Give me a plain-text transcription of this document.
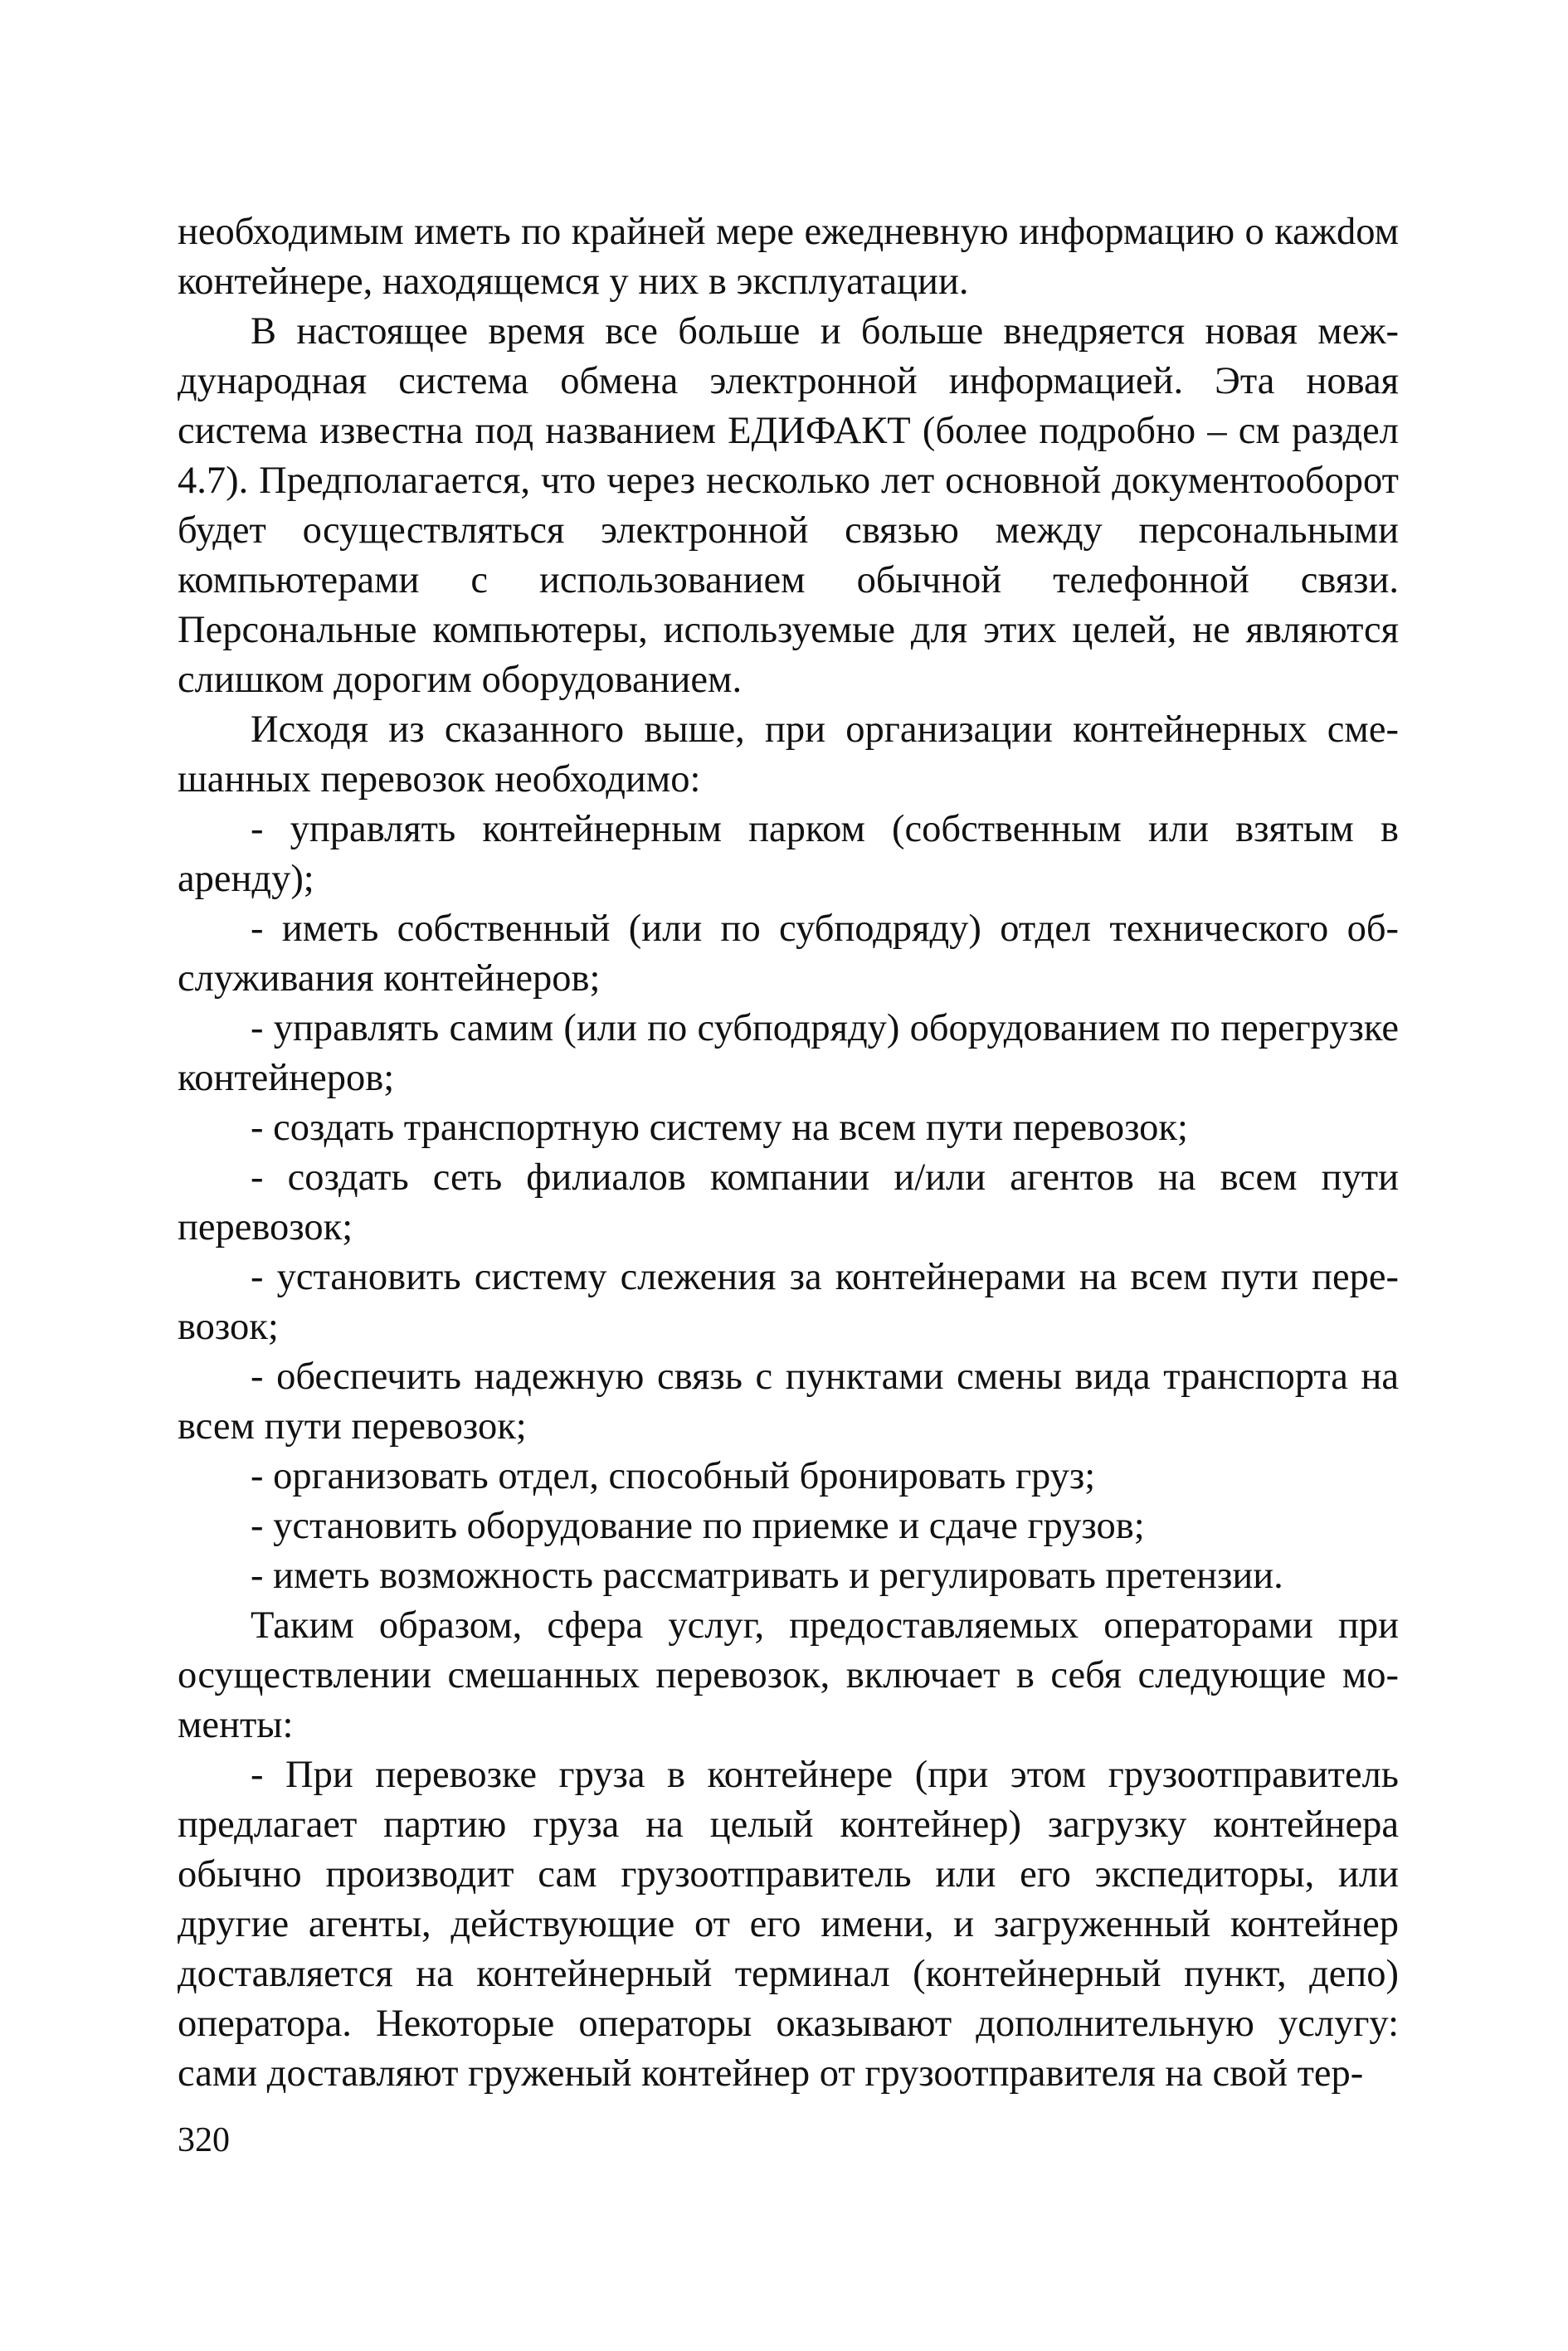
необходимым иметь по крайней мере ежедневную информацию о кажdом контейнере, находящемся у них в эксплуатации.

В настоящее время все больше и больше внедряется новая международная система обмена электронной информацией. Эта новая система известна под названием ЕДИФАКТ (более подробно – см раздел 4.7). Предполагается, что через несколько лет основной документооборот будет осуществляться электронной связью между персональными компьютерами с использованием обычной телефонной связи. Персональные компьютеры, используемые для этих целей, не являются слишком дорогим оборудованием.

Исходя из сказанного выше, при организации контейнерных смешанных перевозок необходимо:

- управлять контейнерным парком (собственным или взятым в аренду);

- иметь собственный (или по субподряду) отдел технического обслуживания контейнеров;

- управлять самим (или по субподряду) оборудованием по перегрузке контейнеров;

- создать транспортную систему на всем пути перевозок;

- создать сеть филиалов компании и/или агентов на всем пути перевозок;

- установить систему слежения за контейнерами на всем пути перевозок;

- обеспечить надежную связь с пунктами смены вида транспорта на всем пути перевозок;

- организовать отдел, способный бронировать груз;

- установить оборудование по приемке и сдаче грузов;

- иметь возможность рассматривать и регулировать претензии.

Таким образом, сфера услуг, предоставляемых операторами при осуществлении смешанных перевозок, включает в себя следующие моменты:

- При перевозке груза в контейнере (при этом грузоотправитель предлагает партию груза на целый контейнер) загрузку контейнера обычно производит сам грузоотправитель или его экспедиторы, или другие агенты, действующие от его имени, и загруженный контейнер доставляется на контейнерный терминал (контейнерный пункт, депо) оператора. Некоторые операторы оказывают дополнительную услугу: сами доставляют груженый контейнер от грузоотправителя на свой тер-

320
